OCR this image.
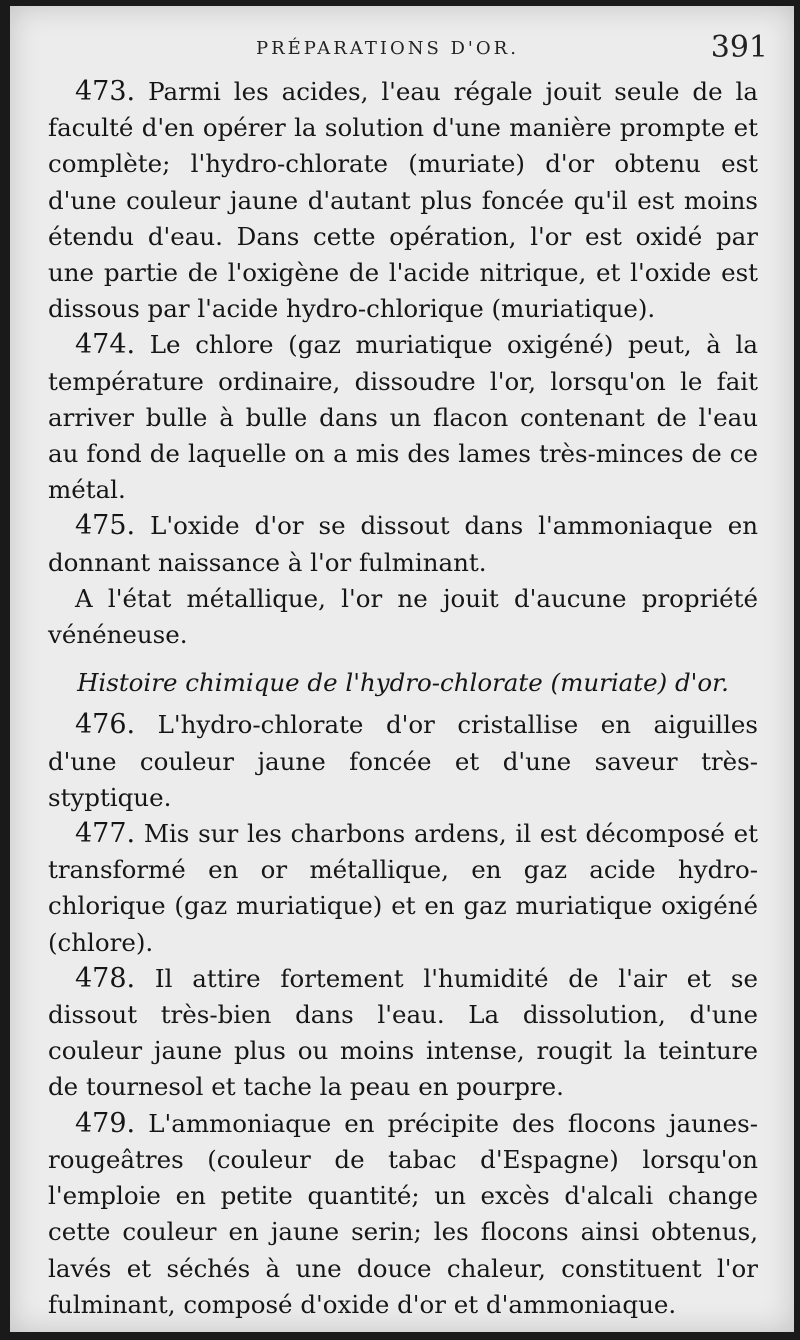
PRÉPARATIONS D'OR.	391

473. Parmi les acides, l'eau régale jouit seule de la faculté d'en opérer la solution d'une manière prompte et complète; l'hydro-chlorate (muriate) d'or obtenu est d'une couleur jaune d'autant plus foncée qu'il est moins étendu d'eau. Dans cette opération, l'or est oxidé par une partie de l'oxigène de l'acide nitrique, et l'oxide est dissous par l'acide hydro-chlorique (muriatique).

474. Le chlore (gaz muriatique oxigéné) peut, à la température ordinaire, dissoudre l'or, lorsqu'on le fait arriver bulle à bulle dans un flacon contenant de l'eau au fond de laquelle on a mis des lames très-minces de ce métal.

475. L'oxide d'or se dissout dans l'ammoniaque en donnant naissance à l'or fulminant.

A l'état métallique, l'or ne jouit d'aucune propriété vénéneuse.

Histoire chimique de l'hydro-chlorate (muriate) d'or.

476. L'hydro-chlorate d'or cristallise en aiguilles d'une couleur jaune foncée et d'une saveur très-styptique.

477. Mis sur les charbons ardens, il est décomposé et transformé en or métallique, en gaz acide hydro-chlorique (gaz muriatique) et en gaz muriatique oxigéné (chlore).

478. Il attire fortement l'humidité de l'air et se dissout très-bien dans l'eau. La dissolution, d'une couleur jaune plus ou moins intense, rougit la teinture de tournesol et tache la peau en pourpre.

479. L'ammoniaque en précipite des flocons jaunes-rougeâtres (couleur de tabac d'Espagne) lorsqu'on l'emploie en petite quantité; un excès d'alcali change cette couleur en jaune serin; les flocons ainsi obtenus, lavés et séchés à une douce chaleur, constituent l'or fulminant, composé d'oxide d'or et d'ammoniaque.
